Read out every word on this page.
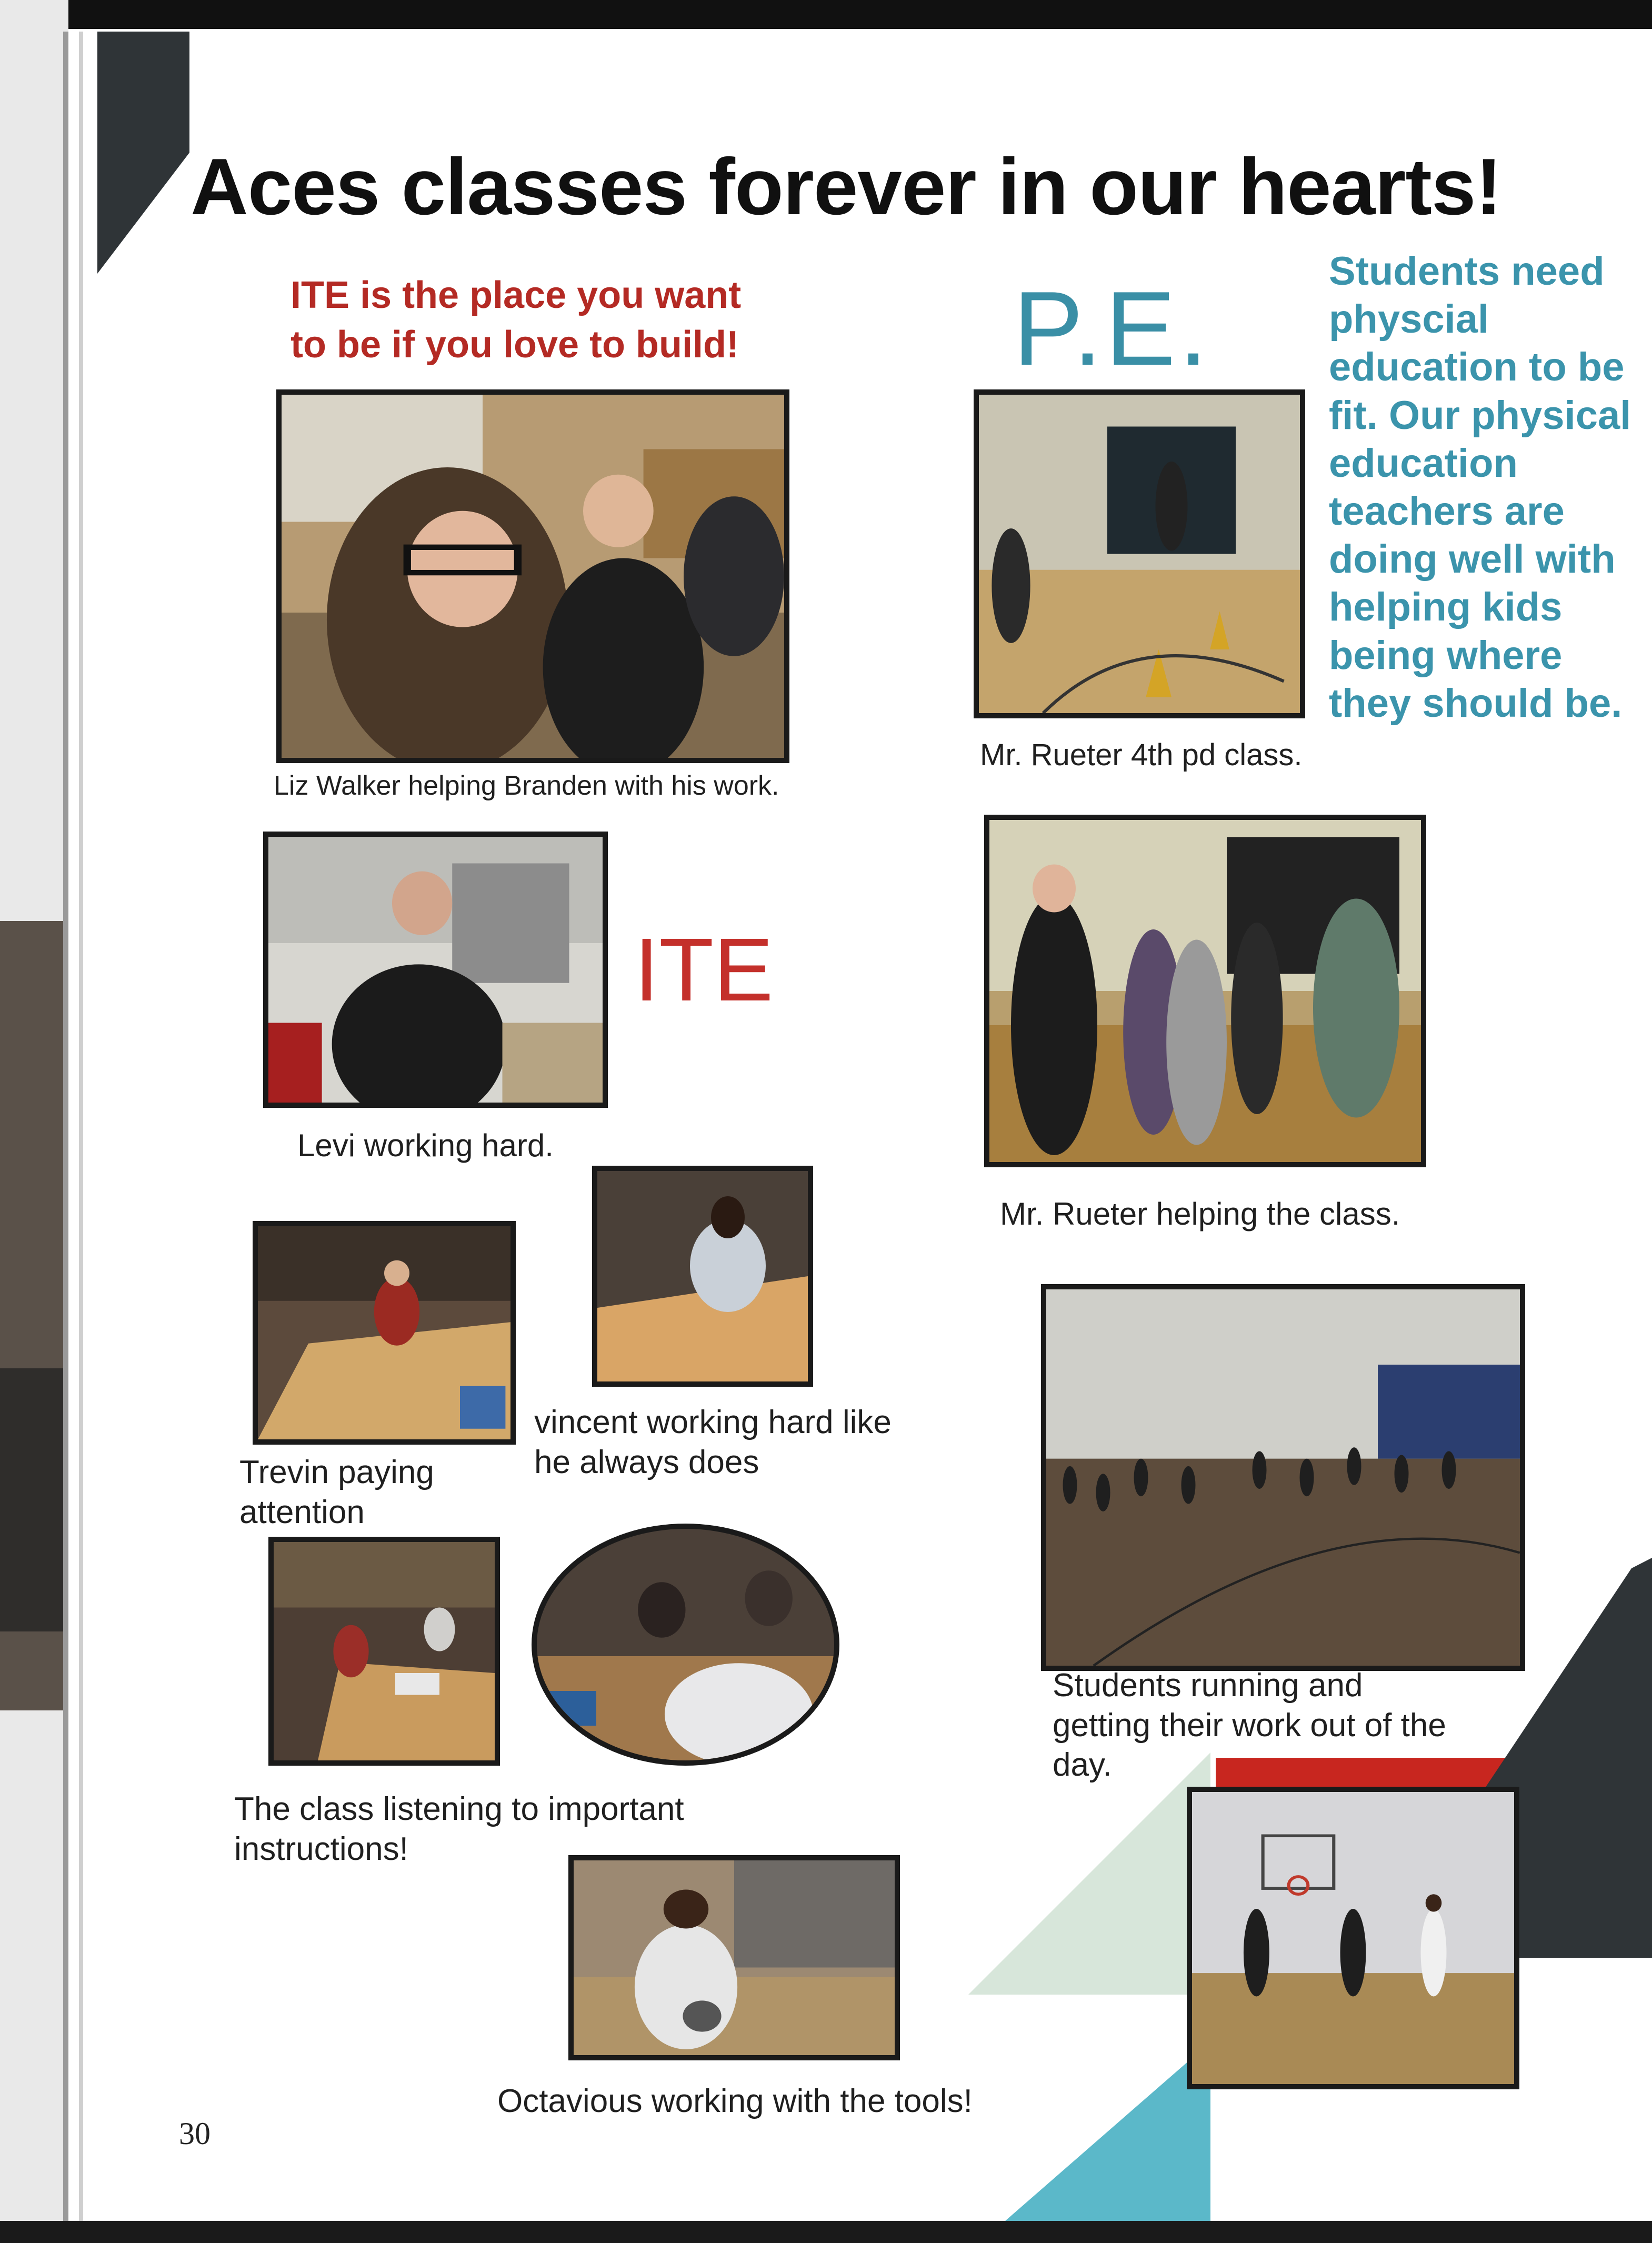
Aces classes forever in our hearts!
ITE is the place you want
to be if you love to build!	P.E.	Students need
physcial
education to be
fit. Our physical
education
teachers are
doing well with
helping kids
being where
they should be.
Liz Walker helping Branden with his work.
Mr. Rueter 4th pd class.
Levi working hard.
ITE
Mr. Rueter helping the class.
Trevin paying
attention
vincent working hard like
he always does
Students running and
getting their work out of the
day.
The class listening to important
instructions!
Octavious working with the tools!
30
